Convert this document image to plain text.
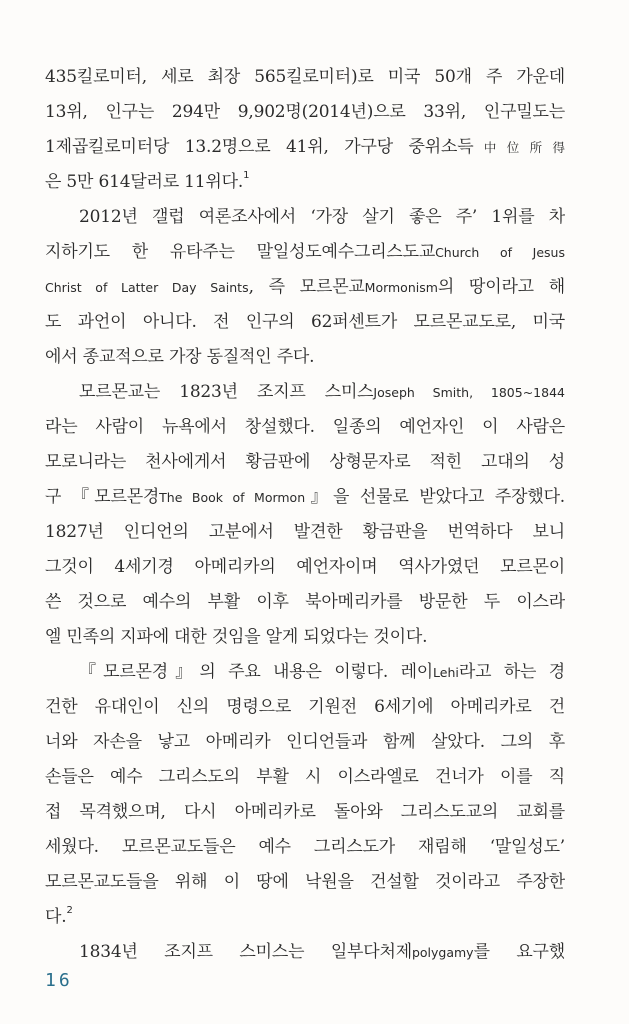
435킬로미터, 세로 최장 565킬로미터)로 미국 50개 주 가운데
13위, 인구는 294만 9,902명(2014년)으로 33위, 인구밀도는
1제곱킬로미터당 13.2명으로 41위, 가구당 중위소득中位所得
은 5만 614달러로 11위다.$^1$
2012년 갤럽 여론조사에서 ‘가장 살기 좋은 주’ 1위를 차
지하기도 한 유타주는 말일성도예수그리스도교Church of Jesus
Christ of Latter Day Saints, 즉 모르몬교Mormonism의 땅이라고 해
도 과언이 아니다. 전 인구의 62퍼센트가 모르몬교도로, 미국
에서 종교적으로 가장 동질적인 주다.
모르몬교는 1823년 조지프 스미스Joseph Smith, 1805~1844
라는 사람이 뉴욕에서 창설했다. 일종의 예언자인 이 사람은
모로니라는 천사에게서 황금판에 상형문자로 적힌 고대의 성
구 『모르몬경The Book of Mormon』을 선물로 받았다고 주장했다.
1827년 인디언의 고분에서 발견한 황금판을 번역하다 보니
그것이 4세기경 아메리카의 예언자이며 역사가였던 모르몬이
쓴 것으로 예수의 부활 이후 북아메리카를 방문한 두 이스라
엘 민족의 지파에 대한 것임을 알게 되었다는 것이다.
『모르몬경』의 주요 내용은 이렇다. 레이Lehi라고 하는 경
건한 유대인이 신의 명령으로 기원전 6세기에 아메리카로 건
너와 자손을 낳고 아메리카 인디언들과 함께 살았다. 그의 후
손들은 예수 그리스도의 부활 시 이스라엘로 건너가 이를 직
접 목격했으며, 다시 아메리카로 돌아와 그리스도교의 교회를
세웠다. 모르몬교도들은 예수 그리스도가 재림해 ‘말일성도’
모르몬교도들을 위해 이 땅에 낙원을 건설할 것이라고 주장한
다.$^2$
1834년 조지프 스미스는 일부다처제polygamy를 요구했
16
